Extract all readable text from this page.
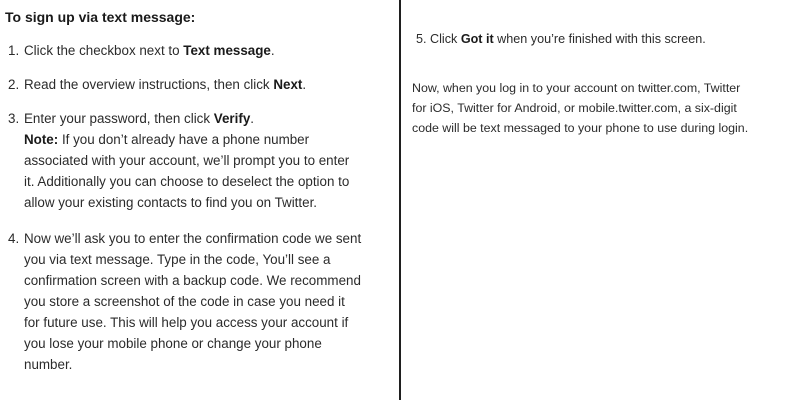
To sign up via text message:

1. Click the checkbox next to Text message.

2. Read the overview instructions, then click Next.

3. Enter your password, then click Verify.
Note: If you don’t already have a phone number
associated with your account, we’ll prompt you to enter
it. Additionally you can choose to deselect the option to
allow your existing contacts to find you on Twitter.
4. Now we’ll ask you to enter the confirmation code we sent
you via text message. Type in the code, You’ll see a
confirmation screen with a backup code. We recommend
you store a screenshot of the code in case you need it
for future use. This will help you access your account if
you lose your mobile phone or change your phone
number.

5. Click Got it when you’re finished with this screen.

Now, when you log in to your account on twitter.com, Twitter
for iOS, Twitter for Android, or mobile.twitter.com, a six-digit
code will be text messaged to your phone to use during login.
